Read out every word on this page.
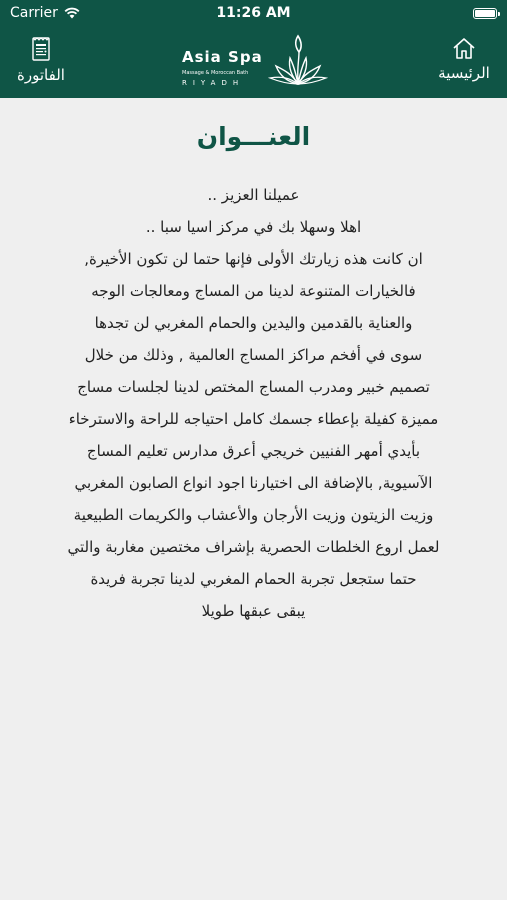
Carrier	11:26 AM
الفاتورة
Asia Spa
Massage & Moroccan Bath
RIYADH
الرئيسية
العنـــوان
عميلنا العزيز ..
اهلا وسهلا بك في مركز اسيا سبا ..
ان كانت هذه زيارتك الأولى فإنها حتما لن تكون الأخيرة,
فالخيارات المتنوعة لدينا من المساج ومعالجات الوجه
والعناية بالقدمين واليدين والحمام المغربي لن تجدها
سوى في أفخم مراكز المساج العالمية , وذلك من خلال
تصميم خبير ومدرب المساج المختص لدينا لجلسات مساج
مميزة كفيلة بإعطاء جسمك كامل احتياجه للراحة والاسترخاء
بأيدي أمهر الفنيين خريجي أعرق مدارس تعليم المساج
الآسيوية, بالإضافة الى اختيارنا اجود انواع الصابون المغربي
وزيت الزيتون وزيت الأرجان والأعشاب والكريمات الطبيعية
لعمل اروع الخلطات الحصرية بإشراف مختصين مغاربة والتي
حتما ستجعل تجربة الحمام المغربي لدينا تجربة فريدة
يبقى عبقها طويلا
